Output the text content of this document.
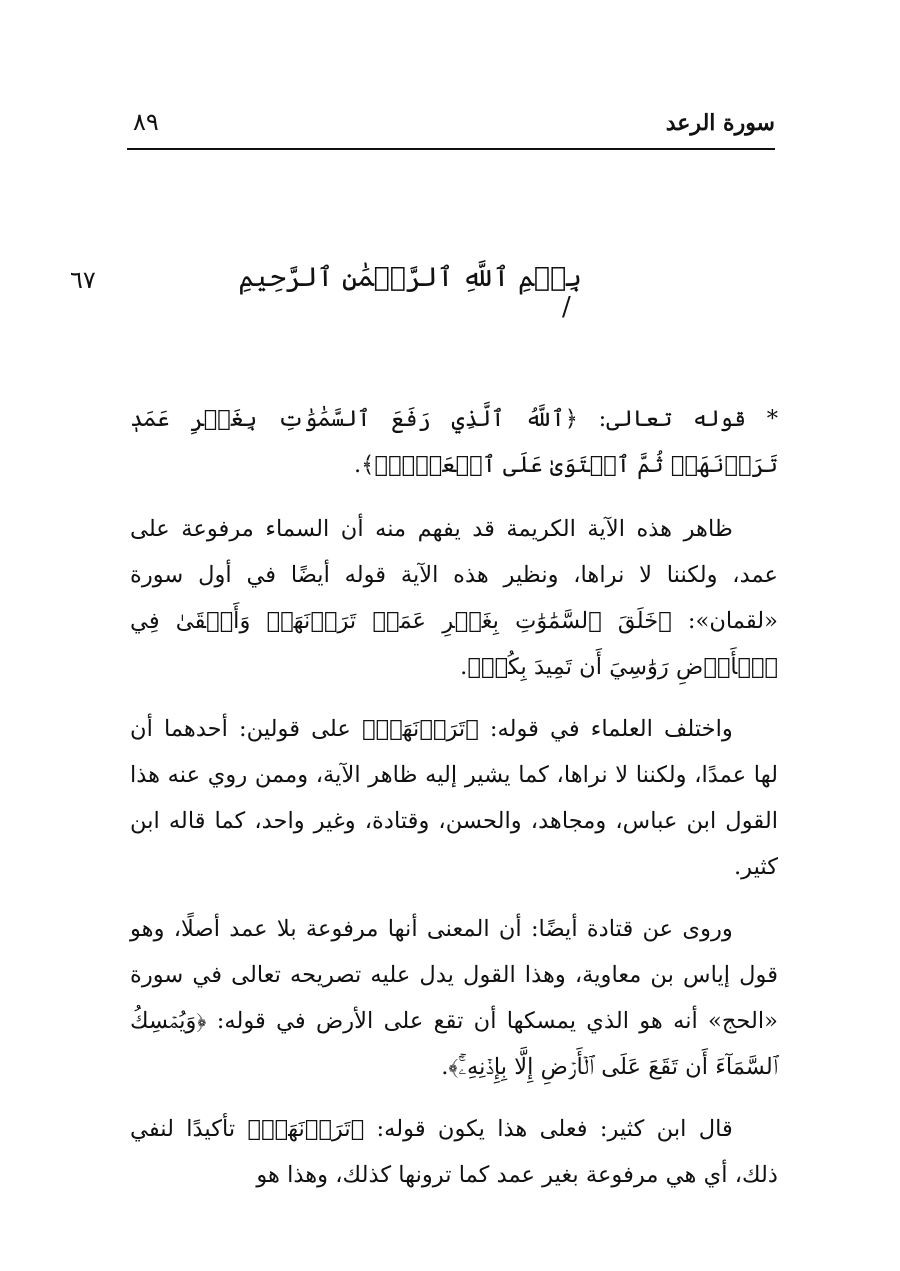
سورة الرعد
٨٩
٦٧	بِسۡمِ ٱللَّهِ ٱلرَّحۡمَٰنِ ٱلرَّحِيمِ
/

* قوله تعالى: ﴿ٱللَّهُ ٱلَّذِي رَفَعَ ٱلسَّمَٰوَٰتِ بِغَيۡرِ عَمَدٖ تَرَوۡنَهَاۖ ثُمَّ ٱسۡتَوَىٰ عَلَى ٱلۡعَرۡشِۖ﴾.

ظاهر هذه الآية الكريمة قد يفهم منه أن السماء مرفوعة على عمد، ولكننا لا نراها، ونظير هذه الآية قوله أيضًا في أول سورة «لقمان»: ﴿خَلَقَ ٱلسَّمَٰوَٰتِ بِغَيۡرِ عَمَدٖ تَرَوۡنَهَاۖ وَأَلۡقَىٰ فِي ٱلۡأَرۡضِ رَوَٰسِيَ أَن تَمِيدَ بِكُمۡ﴾.

واختلف العلماء في قوله: ﴿تَرَوۡنَهَاۖ﴾ على قولين: أحدهما أن لها عمدًا، ولكننا لا نراها، كما يشير إليه ظاهر الآية، وممن روي عنه هذا القول ابن عباس، ومجاهد، والحسن، وقتادة، وغير واحد، كما قاله ابن كثير.

وروى عن قتادة أيضًا: أن المعنى أنها مرفوعة بلا عمد أصلًا، وهو قول إياس بن معاوية، وهذا القول يدل عليه تصريحه تعالى في سورة «الحج» أنه هو الذي يمسكها أن تقع على الأرض في قوله: ﴿وَيُمۡسِكُ ٱلسَّمَآءَ أَن تَقَعَ عَلَى ٱلۡأَرۡضِ إِلَّا بِإِذۡنِهِۦٓۚ﴾.

قال ابن كثير: فعلى هذا يكون قوله: ﴿تَرَوۡنَهَاۖ﴾ تأكيدًا لنفي ذلك، أي هي مرفوعة بغير عمد كما ترونها كذلك، وهذا هو
